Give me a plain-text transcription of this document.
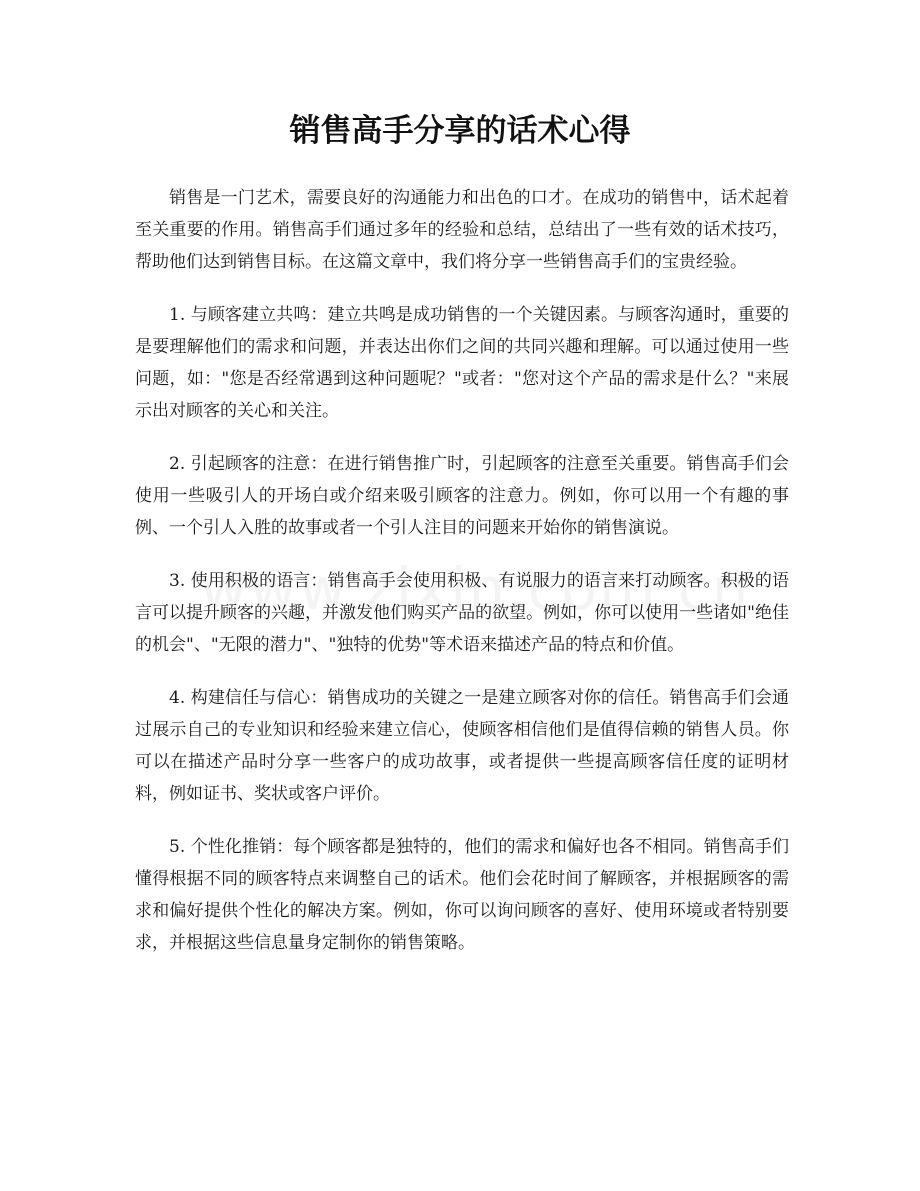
销售高手分享的话术心得

销售是一门艺术，需要良好的沟通能力和出色的口才。在成功的销售中，话术起着至关重要的作用。销售高手们通过多年的经验和总结，总结出了一些有效的话术技巧，帮助他们达到销售目标。在这篇文章中，我们将分享一些销售高手们的宝贵经验。

1. 与顾客建立共鸣：建立共鸣是成功销售的一个关键因素。与顾客沟通时，重要的是要理解他们的需求和问题，并表达出你们之间的共同兴趣和理解。可以通过使用一些问题，如："您是否经常遇到这种问题呢？"或者："您对这个产品的需求是什么？"来展示出对顾客的关心和关注。

2. 引起顾客的注意：在进行销售推广时，引起顾客的注意至关重要。销售高手们会使用一些吸引人的开场白或介绍来吸引顾客的注意力。例如，你可以用一个有趣的事例、一个引人入胜的故事或者一个引人注目的问题来开始你的销售演说。

3. 使用积极的语言：销售高手会使用积极、有说服力的语言来打动顾客。积极的语言可以提升顾客的兴趣，并激发他们购买产品的欲望。例如，你可以使用一些诸如"绝佳的机会"、"无限的潜力"、"独特的优势"等术语来描述产品的特点和价值。

4. 构建信任与信心：销售成功的关键之一是建立顾客对你的信任。销售高手们会通过展示自己的专业知识和经验来建立信心，使顾客相信他们是值得信赖的销售人员。你可以在描述产品时分享一些客户的成功故事，或者提供一些提高顾客信任度的证明材料，例如证书、奖状或客户评价。

5. 个性化推销：每个顾客都是独特的，他们的需求和偏好也各不相同。销售高手们懂得根据不同的顾客特点来调整自己的话术。他们会花时间了解顾客，并根据顾客的需求和偏好提供个性化的解决方案。例如，你可以询问顾客的喜好、使用环境或者特别要求，并根据这些信息量身定制你的销售策略。
